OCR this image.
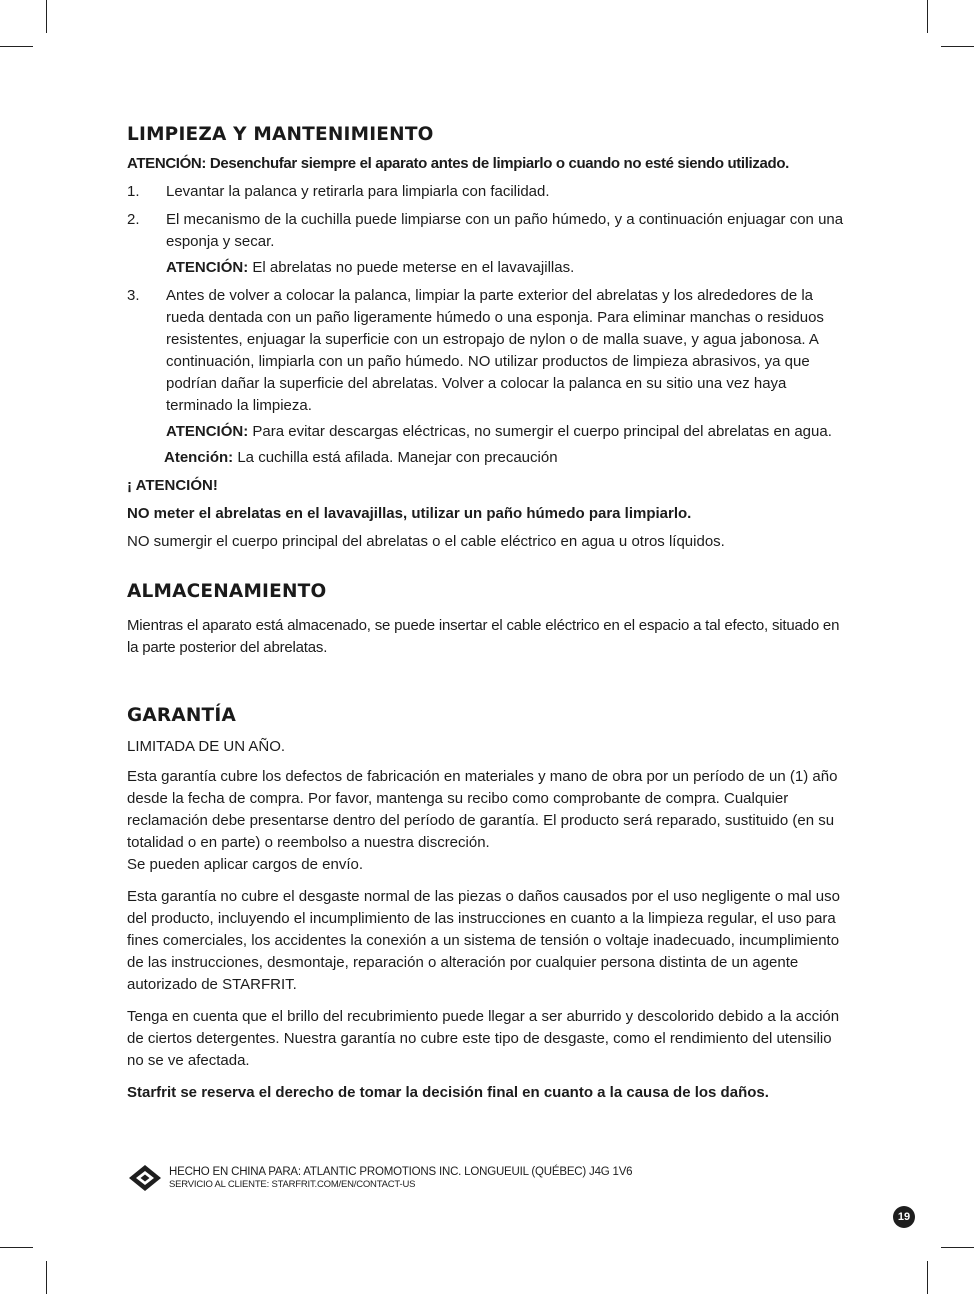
LIMPIEZA Y MANTENIMIENTO

ATENCIÓN: Desenchufar siempre el aparato antes de limpiarlo o cuando no esté siendo utilizado.

1. Levantar la palanca y retirarla para limpiarla con facilidad.
2. El mecanismo de la cuchilla puede limpiarse con un paño húmedo, y a continuación enjuagar con una esponja y secar.
ATENCIÓN: El abrelatas no puede meterse en el lavavajillas.
3. Antes de volver a colocar la palanca, limpiar la parte exterior del abrelatas y los alrededores de la rueda dentada con un paño ligeramente húmedo o una esponja. Para eliminar manchas o residuos resistentes, enjuagar la superficie con un estropajo de nylon o de malla suave, y agua jabonosa. A continuación, limpiarla con un paño húmedo. NO utilizar productos de limpieza abrasivos, ya que podrían dañar la superficie del abrelatas. Volver a colocar la palanca en su sitio una vez haya terminado la limpieza.
ATENCIÓN: Para evitar descargas eléctricas, no sumergir el cuerpo principal del abrelatas en agua.
Atención: La cuchilla está afilada. Manejar con precaución

¡ ATENCIÓN!

NO meter el abrelatas en el lavavajillas, utilizar un paño húmedo para limpiarlo.

NO sumergir el cuerpo principal del abrelatas o el cable eléctrico en agua u otros líquidos.

ALMACENAMIENTO

Mientras el aparato está almacenado, se puede insertar el cable eléctrico en el espacio a tal efecto, situado en la parte posterior del abrelatas.

GARANTÍA

LIMITADA DE UN AÑO.

Esta garantía cubre los defectos de fabricación en materiales y mano de obra por un período de un (1) año desde la fecha de compra. Por favor, mantenga su recibo como comprobante de compra. Cualquier reclamación debe presentarse dentro del período de garantía. El producto será reparado, sustituido (en su totalidad o en parte) o reembolso a nuestra discreción.

Se pueden aplicar cargos de envío.

Esta garantía no cubre el desgaste normal de las piezas o daños causados por el uso negligente o mal uso del producto, incluyendo el incumplimiento de las instrucciones en cuanto a la limpieza regular, el uso para fines comerciales, los accidentes la conexión a un sistema de tensión o voltaje inadecuado, incumplimiento de las instrucciones, desmontaje, reparación o alteración por cualquier persona distinta de un agente autorizado de STARFRIT.

Tenga en cuenta que el brillo del recubrimiento puede llegar a ser aburrido y descolorido debido a la acción de ciertos detergentes. Nuestra garantía no cubre este tipo de desgaste, como el rendimiento del utensilio no se ve afectada.

Starfrit se reserva el derecho de tomar la decisión final en cuanto a la causa de los daños.

HECHO EN CHINA PARA: ATLANTIC PROMOTIONS INC. LONGUEUIL (QUÉBEC) J4G 1V6
SERVICIO AL CLIENTE: STARFRIT.COM/EN/CONTACT-US
19
